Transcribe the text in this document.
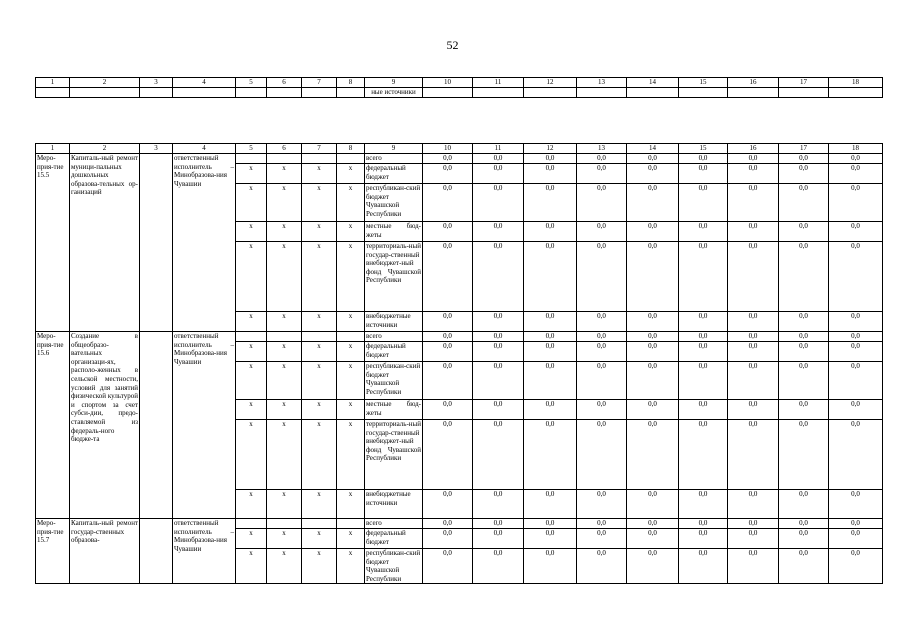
52
1	2	3	4	5	6	7	8	9	10	11	12	13	14	15	16	17	18
								ные источники									
1	2	3	4	5	6	7	8	9	10	11	12	13	14	15	16	17	18
Меро-прия-тие 15.5	Капиталь-ный ремонт муници-пальных дошкольных образова-тельных ор-ганизаций		ответственный исполнитель – Минобразова-ния Чувашии					всего	0,0	0,0	0,0	0,0	0,0	0,0	0,0	0,0	0,0
				х	х	х	х	федеральный бюджет	0,0	0,0	0,0	0,0	0,0	0,0	0,0	0,0	0,0
				х	х	х	х	республикан-ский бюджет Чувашской Республики	0,0	0,0	0,0	0,0	0,0	0,0	0,0	0,0	0,0
				х	х	х	х	местные бюд-жеты	0,0	0,0	0,0	0,0	0,0	0,0	0,0	0,0	0,0
				х	х	х	х	территориаль-ный государ-ственный внебюджет-ный фонд Чувашской Республики	0,0	0,0	0,0	0,0	0,0	0,0	0,0	0,0	0,0
				х	х	х	х	внебюджетные источники	0,0	0,0	0,0	0,0	0,0	0,0	0,0	0,0	0,0
Меро-прия-тие 15.6	Создание в общеобразо-вательных организаци-ях, располо-женных в сельской местности, условий для занятий физической культурой и спортом за счет субси-дии, предо-ставляемой из федераль-ного бюдже-та		ответственный исполнитель – Минобразова-ния Чувашии					всего	0,0	0,0	0,0	0,0	0,0	0,0	0,0	0,0	0,0
				х	х	х	х	федеральный бюджет	0,0	0,0	0,0	0,0	0,0	0,0	0,0	0,0	0,0
				х	х	х	х	республикан-ский бюджет Чувашской Республики	0,0	0,0	0,0	0,0	0,0	0,0	0,0	0,0	0,0
				х	х	х	х	местные бюд-жеты	0,0	0,0	0,0	0,0	0,0	0,0	0,0	0,0	0,0
				х	х	х	х	территориаль-ный государ-ственный внебюджет-ный фонд Чувашской Республики	0,0	0,0	0,0	0,0	0,0	0,0	0,0	0,0	0,0
				х	х	х	х	внебюджетные источники	0,0	0,0	0,0	0,0	0,0	0,0	0,0	0,0	0,0
Меро-прия-тие 15.7	Капиталь-ный ремонт государ-ственных образова-		ответственный исполнитель – Минобразова-ния Чувашии					всего	0,0	0,0	0,0	0,0	0,0	0,0	0,0	0,0	0,0
				х	х	х	х	федеральный бюджет	0,0	0,0	0,0	0,0	0,0	0,0	0,0	0,0	0,0
				х	х	х	х	республикан-ский бюджет Чувашской Республики	0,0	0,0	0,0	0,0	0,0	0,0	0,0	0,0	0,0
